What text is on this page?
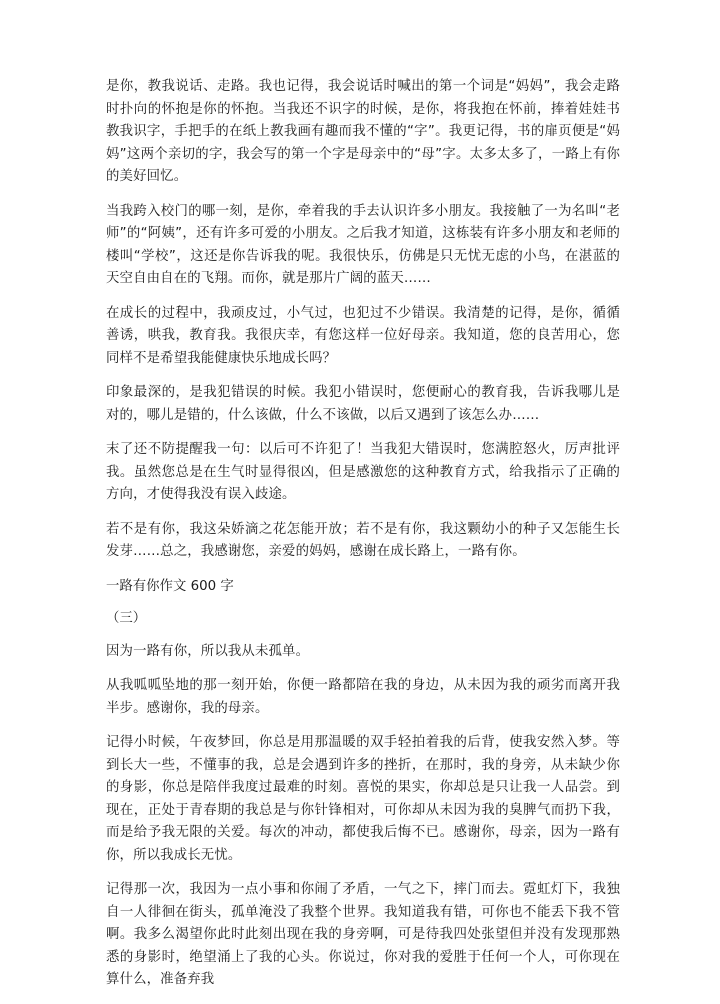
是你，教我说话、走路。我也记得，我会说话时喊出的第一个词是“妈妈”，我会走路时扑向的怀抱是你的怀抱。当我还不识字的时候，是你，将我抱在怀前，捧着娃娃书教我识字，手把手的在纸上教我画有趣而我不懂的“字”。我更记得，书的扉页便是“妈妈”这两个亲切的字，我会写的第一个字是母亲中的“母”字。太多太多了，一路上有你的美好回忆。

当我跨入校门的哪一刻，是你，牵着我的手去认识许多小朋友。我接触了一为名叫“老师”的“阿姨”，还有许多可爱的小朋友。之后我才知道，这栋装有许多小朋友和老师的楼叫“学校”，这还是你告诉我的呢。我很快乐，仿佛是只无忧无虑的小鸟，在湛蓝的天空自由自在的飞翔。而你，就是那片广阔的蓝天……

在成长的过程中，我顽皮过，小气过，也犯过不少错误。我清楚的记得，是你，循循善诱，哄我，教育我。我很庆幸，有您这样一位好母亲。我知道，您的良苦用心，您同样不是希望我能健康快乐地成长吗？

印象最深的，是我犯错误的时候。我犯小错误时，您便耐心的教育我，告诉我哪儿是对的，哪儿是错的，什么该做，什么不该做，以后又遇到了该怎么办……

末了还不防提醒我一句：以后可不许犯了！当我犯大错误时，您满腔怒火，厉声批评我。虽然您总是在生气时显得很凶，但是感激您的这种教育方式，给我指示了正确的方向，才使得我没有误入歧途。

若不是有你，我这朵娇滴之花怎能开放；若不是有你，我这颗幼小的种子又怎能生长发芽……总之，我感谢您，亲爱的妈妈，感谢在成长路上，一路有你。

一路有你作文 600 字

（三）

因为一路有你，所以我从未孤单。

从我呱呱坠地的那一刻开始，你便一路都陪在我的身边，从未因为我的顽劣而离开我半步。感谢你，我的母亲。

记得小时候，午夜梦回，你总是用那温暖的双手轻拍着我的后背，使我安然入梦。等到长大一些，不懂事的我，总是会遇到许多的挫折，在那时，我的身旁，从未缺少你的身影，你总是陪伴我度过最难的时刻。喜悦的果实，你却总是只让我一人品尝。到现在，正处于青春期的我总是与你针锋相对，可你却从未因为我的臭脾气而扔下我，而是给予我无限的关爱。每次的冲动，都使我后悔不已。感谢你，母亲，因为一路有你，所以我成长无忧。

记得那一次，我因为一点小事和你闹了矛盾，一气之下，摔门而去。霓虹灯下，我独自一人徘徊在街头，孤单淹没了我整个世界。我知道我有错，可你也不能丢下我不管啊。我多么渴望你此时此刻出现在我的身旁啊，可是待我四处张望但并没有发现那熟悉的身影时，绝望涌上了我的心头。你说过，你对我的爱胜于任何一个人，可你现在算什么，准备弃我
